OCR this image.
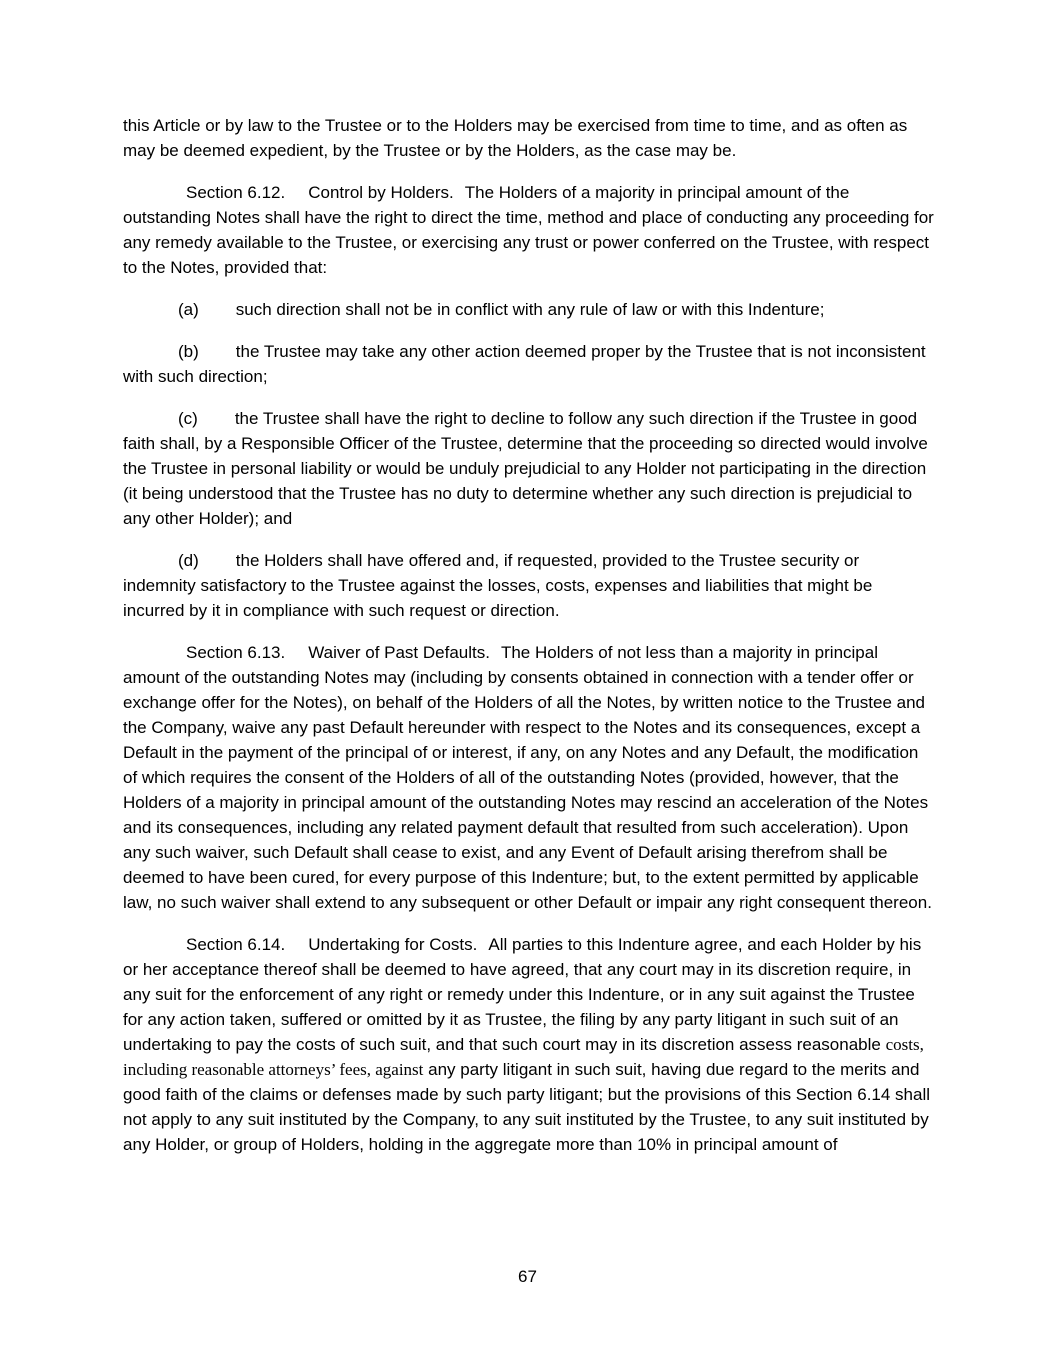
this Article or by law to the Trustee or to the Holders may be exercised from time to time, and as often as may be deemed expedient, by the Trustee or by the Holders, as the case may be.

Section 6.12. Control by Holders. The Holders of a majority in principal amount of the outstanding Notes shall have the right to direct the time, method and place of conducting any proceeding for any remedy available to the Trustee, or exercising any trust or power conferred on the Trustee, with respect to the Notes, provided that:

(a) such direction shall not be in conflict with any rule of law or with this Indenture;

(b) the Trustee may take any other action deemed proper by the Trustee that is not inconsistent with such direction;

(c) the Trustee shall have the right to decline to follow any such direction if the Trustee in good faith shall, by a Responsible Officer of the Trustee, determine that the proceeding so directed would involve the Trustee in personal liability or would be unduly prejudicial to any Holder not participating in the direction (it being understood that the Trustee has no duty to determine whether any such direction is prejudicial to any other Holder); and

(d) the Holders shall have offered and, if requested, provided to the Trustee security or indemnity satisfactory to the Trustee against the losses, costs, expenses and liabilities that might be incurred by it in compliance with such request or direction.

Section 6.13. Waiver of Past Defaults. The Holders of not less than a majority in principal amount of the outstanding Notes may (including by consents obtained in connection with a tender offer or exchange offer for the Notes), on behalf of the Holders of all the Notes, by written notice to the Trustee and the Company, waive any past Default hereunder with respect to the Notes and its consequences, except a Default in the payment of the principal of or interest, if any, on any Notes and any Default, the modification of which requires the consent of the Holders of all of the outstanding Notes (provided, however, that the Holders of a majority in principal amount of the outstanding Notes may rescind an acceleration of the Notes and its consequences, including any related payment default that resulted from such acceleration). Upon any such waiver, such Default shall cease to exist, and any Event of Default arising therefrom shall be deemed to have been cured, for every purpose of this Indenture; but, to the extent permitted by applicable law, no such waiver shall extend to any subsequent or other Default or impair any right consequent thereon.

Section 6.14. Undertaking for Costs. All parties to this Indenture agree, and each Holder by his or her acceptance thereof shall be deemed to have agreed, that any court may in its discretion require, in any suit for the enforcement of any right or remedy under this Indenture, or in any suit against the Trustee for any action taken, suffered or omitted by it as Trustee, the filing by any party litigant in such suit of an undertaking to pay the costs of such suit, and that such court may in its discretion assess reasonable costs, including reasonable attorneys’ fees, against any party litigant in such suit, having due regard to the merits and good faith of the claims or defenses made by such party litigant; but the provisions of this Section 6.14 shall not apply to any suit instituted by the Company, to any suit instituted by the Trustee, to any suit instituted by any Holder, or group of Holders, holding in the aggregate more than 10% in principal amount of

67
